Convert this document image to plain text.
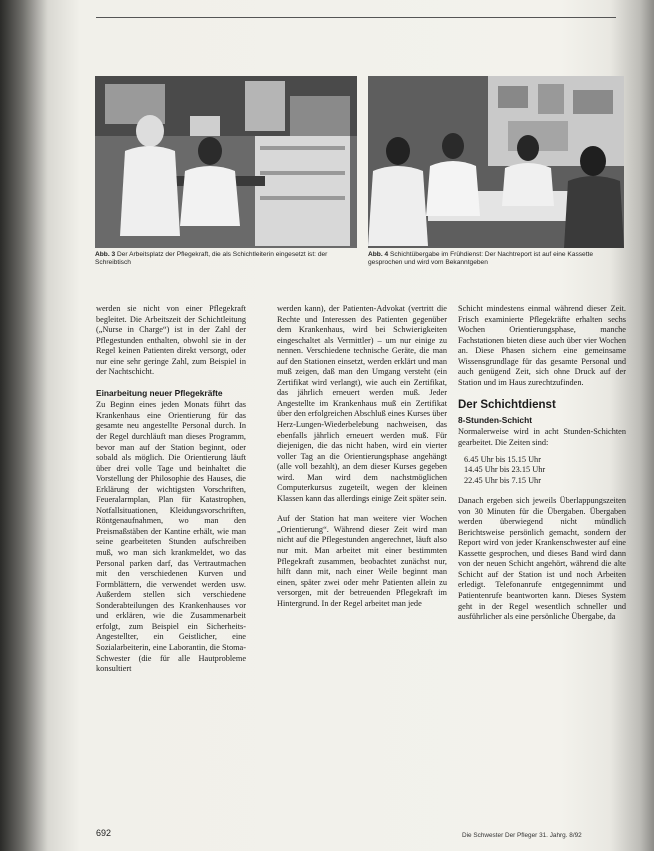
Abb. 3 Der Arbeitsplatz der Pflegekraft, die als Schichtleiterin eingesetzt ist: der Schreibtisch
Abb. 4 Schichtübergabe im Frühdienst: Der Nachtreport ist auf eine Kassette gesprochen und wird vom Bekanntgeben

werden sie nicht von einer Pflegekraft begleitet. Die Arbeitszeit der Schichtleitung („Nurse in Charge“) ist in der Zahl der Pflegestunden enthalten, obwohl sie in der Regel keinen Patienten direkt versorgt, oder nur eine sehr geringe Zahl, zum Beispiel in der Nachtschicht.

Einarbeitung neuer Pflegekräfte

Zu Beginn eines jeden Monats führt das Krankenhaus eine Orientierung für das gesamte neu angestellte Personal durch. In der Regel durchläuft man dieses Programm, bevor man auf der Station beginnt, oder sobald als möglich. Die Orientierung läuft über drei volle Tage und beinhaltet die Vorstellung der Philosophie des Hauses, die Erklärung der wichtigsten Vorschriften, Feueralarmplan, Plan für Katastrophen, Notfallsituationen, Kleidungsvorschriften, Röntgenaufnahmen, wo man den Preismaßstäben der Kantine erhält, wie man seine gearbeiteten Stunden aufschreiben muß, wo man sich krankmeldet, wo das Personal parken darf, das Vertrautmachen mit den verschiedenen Kurven und Formblättern, die verwendet werden usw. Außerdem stellen sich verschiedene Sonderabteilungen des Krankenhauses vor und erklären, wie die Zusammenarbeit erfolgt, zum Beispiel ein Sicherheits-Angestellter, ein Geistlicher, eine Sozialarbeiterin, eine Laborantin, die Stoma-Schwester (die für alle Hautprobleme konsultiert

werden kann), der Patienten-Advokat (vertritt die Rechte und Interessen des Patienten gegenüber dem Krankenhaus, wird bei Schwierigkeiten eingeschaltet als Vermittler) – um nur einige zu nennen. Verschiedene technische Geräte, die man auf den Stationen einsetzt, werden erklärt und man muß zeigen, daß man den Umgang versteht (ein Zertifikat wird verlangt), wie auch ein Zertifikat, das jährlich erneuert werden muß. Jeder Angestellte im Krankenhaus muß ein Zertifikat über den erfolgreichen Abschluß eines Kurses über Herz-Lungen-Wiederbelebung nachweisen, das ebenfalls jährlich erneuert werden muß. Für diejenigen, die das nicht haben, wird ein vierter voller Tag an die Orientierungsphase angehängt (alle voll bezahlt), an dem dieser Kurses gegeben wird. Man wird dem nachstmöglichen Computerkursus zugeteilt, wegen der kleinen Klassen kann das allerdings einige Zeit später sein.

Auf der Station hat man weitere vier Wochen „Orientierung“. Während dieser Zeit wird man nicht auf die Pflegestunden angerechnet, läuft also nur mit. Man arbeitet mit einer bestimmten Pflegekraft zusammen, beobachtet zunächst nur, hilft dann mit, nach einer Weile beginnt man einen, später zwei oder mehr Patienten allein zu versorgen, mit der betreuenden Pflegekraft im Hintergrund. In der Regel arbeitet man jede

Schicht mindestens einmal während dieser Zeit. Frisch examinierte Pflegekräfte erhalten sechs Wochen Orientierungsphase, manche Fachstationen bieten diese auch über vier Wochen an. Diese Phasen sichern eine gemeinsame Wissensgrundlage für das gesamte Personal und auch genügend Zeit, sich ohne Druck auf der Station und im Haus zurechtzufinden.

Der Schichtdienst
8-Stunden-Schicht

Normalerweise wird in acht Stunden-Schichten gearbeitet. Die Zeiten sind:

6.45 Uhr bis 15.15 Uhr
14.45 Uhr bis 23.15 Uhr
22.45 Uhr bis 7.15 Uhr

Danach ergeben sich jeweils Überlappungszeiten von 30 Minuten für die Übergaben. Übergaben werden überwiegend nicht mündlich Berichtsweise persönlich gemacht, sondern der Report wird von jeder Krankenschwester auf eine Kassette gesprochen, und dieses Band wird dann von der neuen Schicht angehört, während die alte Schicht auf der Station ist und noch Arbeiten erledigt. Telefonanrufe entgegennimmt und Patientenrufe beantworten kann. Dieses System geht in der Regel wesentlich schneller und ausführlicher als eine persönliche Übergabe, da

692	Die Schwester Der Pfleger 31. Jahrg. 8/92
